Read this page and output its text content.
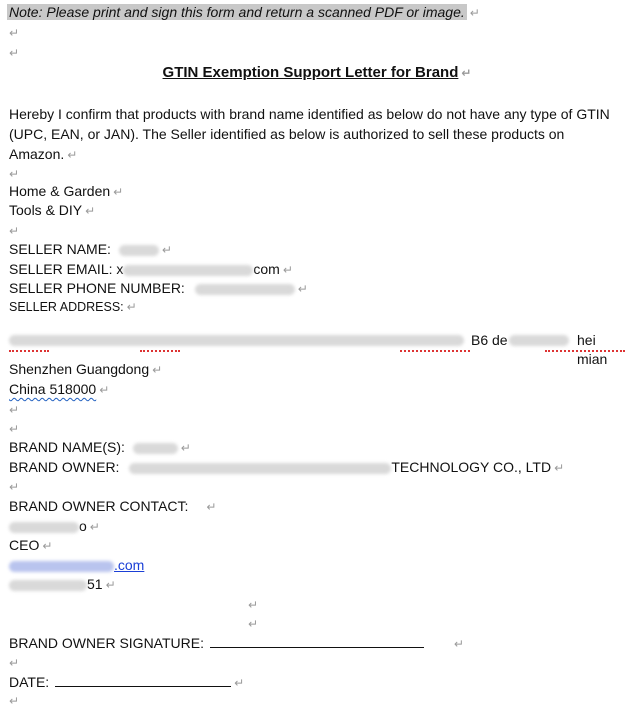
Note: Please print and sign this form and return a scanned PDF or image. ↵
↵
↵
GTIN Exemption Support Letter for Brand ↵
Hereby I confirm that products with brand name identified as below do not have any type of GTIN (UPC, EAN, or JAN). The Seller identified as below is authorized to sell these products on Amazon. ↵
↵
Home & Garden ↵
Tools & DIY ↵
↵
SELLER NAME:	↵
SELLER EMAIL: x	com ↵
SELLER PHONE NUMBER:	↵
SELLER ADDRESS: ↵
B6 de	hei mian
Shenzhen Guangdong ↵
China 518000 ↵
↵
↵
BRAND NAME(S):	↵
BRAND OWNER:	TECHNOLOGY CO., LTD ↵
↵
BRAND OWNER CONTACT: ↵
o ↵
CEO ↵
.com
51 ↵
↵
↵
BRAND OWNER SIGNATURE:	↵
↵
DATE:	↵
↵
